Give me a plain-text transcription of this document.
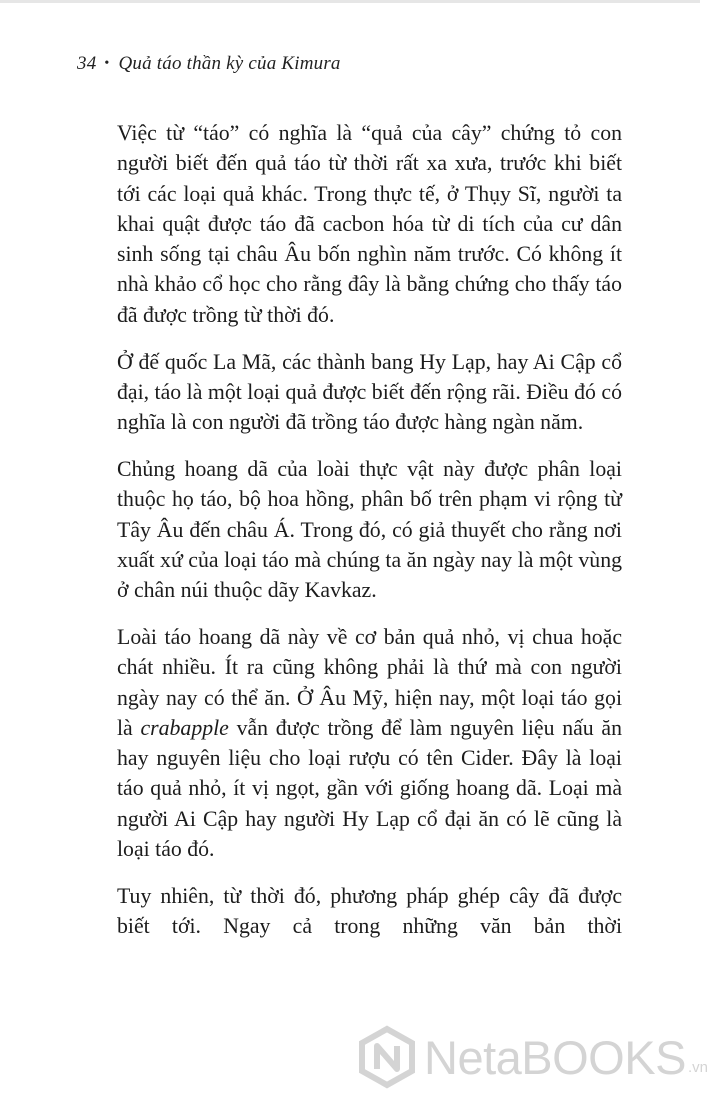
34 • Quả táo thần kỳ của Kimura

Việc từ “táo” có nghĩa là “quả của cây” chứng tỏ con người biết đến quả táo từ thời rất xa xưa, trước khi biết tới các loại quả khác. Trong thực tế, ở Thụy Sĩ, người ta khai quật được táo đã cacbon hóa từ di tích của cư dân sinh sống tại châu Âu bốn nghìn năm trước. Có không ít nhà khảo cổ học cho rằng đây là bằng chứng cho thấy táo đã được trồng từ thời đó.

Ở đế quốc La Mã, các thành bang Hy Lạp, hay Ai Cập cổ đại, táo là một loại quả được biết đến rộng rãi. Điều đó có nghĩa là con người đã trồng táo được hàng ngàn năm.

Chủng hoang dã của loài thực vật này được phân loại thuộc họ táo, bộ hoa hồng, phân bố trên phạm vi rộng từ Tây Âu đến châu Á. Trong đó, có giả thuyết cho rằng nơi xuất xứ của loại táo mà chúng ta ăn ngày nay là một vùng ở chân núi thuộc dãy Kavkaz.

Loài táo hoang dã này về cơ bản quả nhỏ, vị chua hoặc chát nhiều. Ít ra cũng không phải là thứ mà con người ngày nay có thể ăn. Ở Âu Mỹ, hiện nay, một loại táo gọi là crabapple vẫn được trồng để làm nguyên liệu nấu ăn hay nguyên liệu cho loại rượu có tên Cider. Đây là loại táo quả nhỏ, ít vị ngọt, gần với giống hoang dã. Loại mà người Ai Cập hay người Hy Lạp cổ đại ăn có lẽ cũng là loại táo đó.

Tuy nhiên, từ thời đó, phương pháp ghép cây đã được biết tới. Ngay cả trong những văn bản thời

NetaBOOKS .vn
